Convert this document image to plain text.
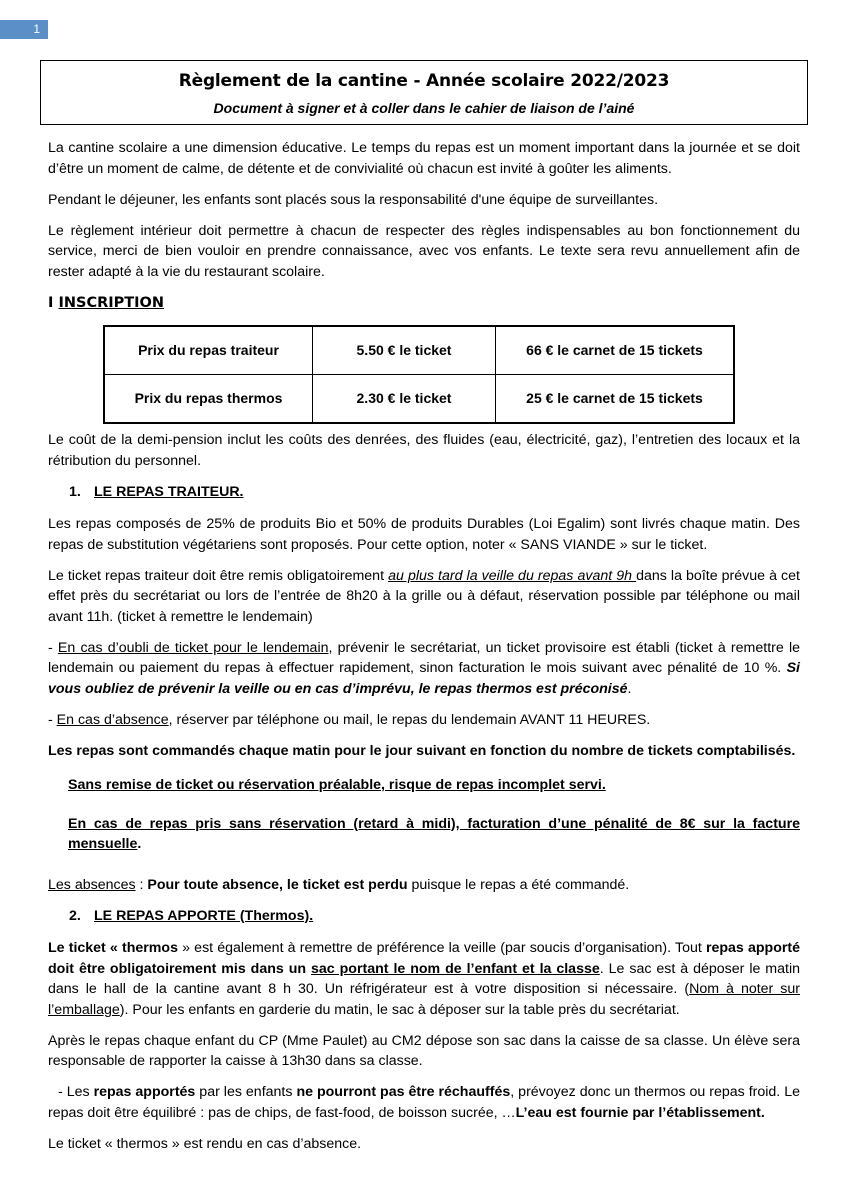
1
Règlement de la cantine - Année scolaire 2022/2023
Document à signer et à coller dans le cahier de liaison de l’ainé

La cantine scolaire a une dimension éducative. Le temps du repas est un moment important dans la journée et se doit d’être un moment de calme, de détente et de convivialité où chacun est invité à goûter les aliments.

Pendant le déjeuner, les enfants sont placés sous la responsabilité d'une équipe de surveillantes.

Le règlement intérieur doit permettre à chacun de respecter des règles indispensables au bon fonctionnement du service, merci de bien vouloir en prendre connaissance, avec vos enfants. Le texte sera revu annuellement afin de rester adapté à la vie du restaurant scolaire.

I INSCRIPTION
Prix du repas traiteur	5.50 € le ticket	66 € le carnet de 15 tickets
Prix du repas thermos	2.30 € le ticket	25 € le carnet de 15 tickets

Le coût de la demi-pension inclut les coûts des denrées, des fluides (eau, électricité, gaz), l’entretien des locaux et la rétribution du personnel.

1. LE REPAS TRAITEUR.

Les repas composés de 25% de produits Bio et 50% de produits Durables (Loi Egalim) sont livrés chaque matin. Des repas de substitution végétariens sont proposés. Pour cette option, noter « SANS VIANDE » sur le ticket.

Le ticket repas traiteur doit être remis obligatoirement au plus tard la veille du repas avant 9h dans la boîte prévue à cet effet près du secrétariat ou lors de l’entrée de 8h20 à la grille ou à défaut, réservation possible par téléphone ou mail avant 11h. (ticket à remettre le lendemain)

- En cas d’oubli de ticket pour le lendemain, prévenir le secrétariat, un ticket provisoire est établi (ticket à remettre le lendemain ou paiement du repas à effectuer rapidement, sinon facturation le mois suivant avec pénalité de 10 %. Si vous oubliez de prévenir la veille ou en cas d’imprévu, le repas thermos est préconisé.

- En cas d’absence, réserver par téléphone ou mail, le repas du lendemain AVANT 11 HEURES.

Les repas sont commandés chaque matin pour le jour suivant en fonction du nombre de tickets comptabilisés.

Sans remise de ticket ou réservation préalable, risque de repas incomplet servi.

En cas de repas pris sans réservation (retard à midi), facturation d’une pénalité de 8€ sur la facture mensuelle.

Les absences : Pour toute absence, le ticket est perdu puisque le repas a été commandé.

2. LE REPAS APPORTE (Thermos).

Le ticket « thermos » est également à remettre de préférence la veille (par soucis d’organisation). Tout repas apporté doit être obligatoirement mis dans un sac portant le nom de l’enfant et la classe. Le sac est à déposer le matin dans le hall de la cantine avant 8 h 30. Un réfrigérateur est à votre disposition si nécessaire. (Nom à noter sur l’emballage). Pour les enfants en garderie du matin, le sac à déposer sur la table près du secrétariat.

Après le repas chaque enfant du CP (Mme Paulet) au CM2 dépose son sac dans la caisse de sa classe. Un élève sera responsable de rapporter la caisse à 13h30 dans sa classe.

- Les repas apportés par les enfants ne pourront pas être réchauffés, prévoyez donc un thermos ou repas froid. Le repas doit être équilibré : pas de chips, de fast-food, de boisson sucrée, …L’eau est fournie par l’établissement.

Le ticket « thermos » est rendu en cas d’absence.
